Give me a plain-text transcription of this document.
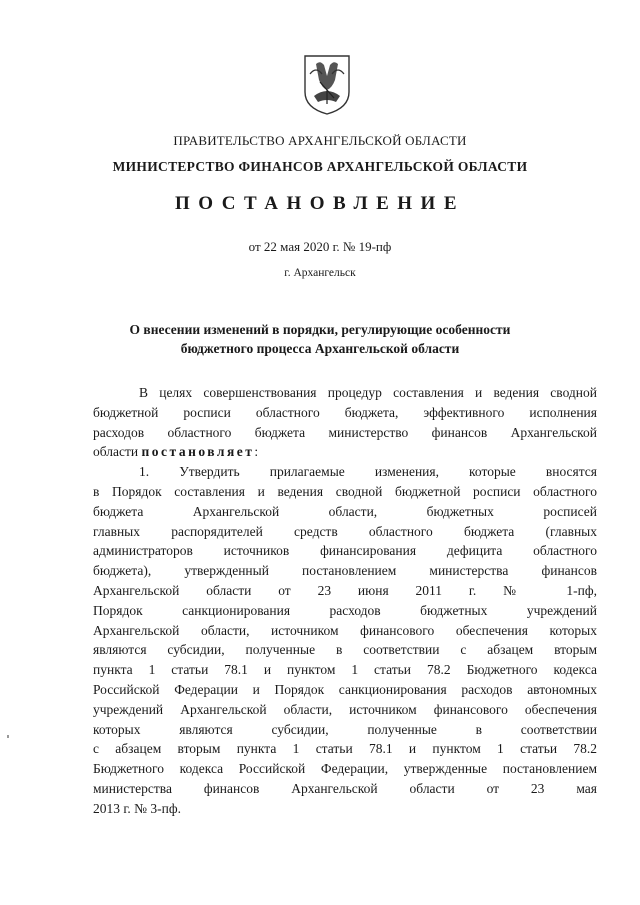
ПРАВИТЕЛЬСТВО АРХАНГЕЛЬСКОЙ ОБЛАСТИ
МИНИСТЕРСТВО ФИНАНСОВ АРХАНГЕЛЬСКОЙ ОБЛАСТИ
ПОСТАНОВЛЕНИЕ
от 22 мая 2020 г. № 19-пф
г. Архангельск
О внесении изменений в порядки, регулирующие особенности
бюджетного процесса Архангельской области
В целях совершенствования процедур составления и ведения сводной
бюджетной росписи областного бюджета, эффективного исполнения
расходов областного бюджета министерство финансов Архангельской
области постановляет:
1. Утвердить прилагаемые изменения, которые вносятся
в Порядок составления и ведения сводной бюджетной росписи областного
бюджета Архангельской области, бюджетных росписей
главных распорядителей средств областного бюджета (главных
администраторов источников финансирования дефицита областного
бюджета), утвержденный постановлением министерства финансов
Архангельской области от 23 июня 2011 г. № 1-пф,
Порядок санкционирования расходов бюджетных учреждений
Архангельской области, источником финансового обеспечения которых
являются субсидии, полученные в соответствии с абзацем вторым
пункта 1 статьи 78.1 и пунктом 1 статьи 78.2 Бюджетного кодекса
Российской Федерации и Порядок санкционирования расходов автономных
учреждений Архангельской области, источником финансового обеспечения
которых являются субсидии, полученные в соответствии
с абзацем вторым пункта 1 статьи 78.1 и пунктом 1 статьи 78.2
Бюджетного кодекса Российской Федерации, утвержденные постановлением
министерства финансов Архангельской области от 23 мая
2013 г. № 3-пф.
